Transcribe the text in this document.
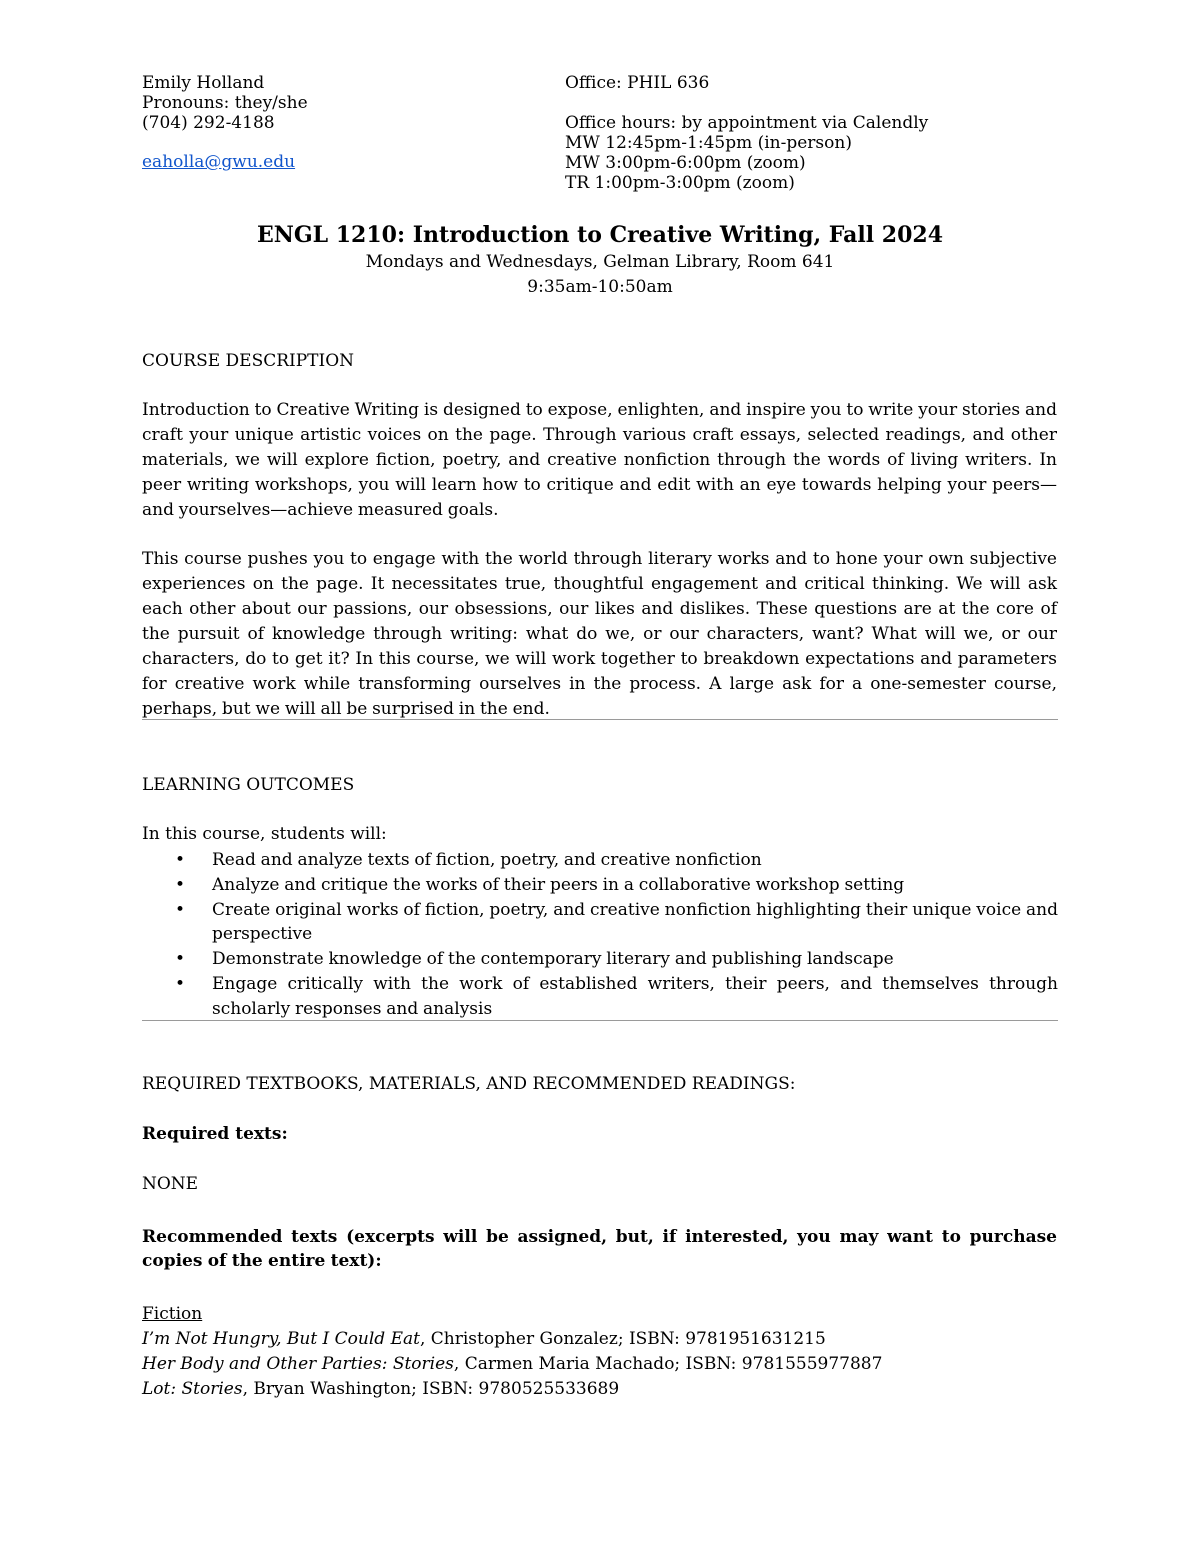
Emily Holland
Pronouns: they/she
(704) 292-4188
eaholla@gwu.edu
Office: PHIL 636
Office hours: by appointment via Calendly
MW 12:45pm-1:45pm (in-person)
MW 3:00pm-6:00pm (zoom)
TR 1:00pm-3:00pm (zoom)
ENGL 1210: Introduction to Creative Writing, Fall 2024
Mondays and Wednesdays, Gelman Library, Room 641
9:35am-10:50am
COURSE DESCRIPTION

Introduction to Creative Writing is designed to expose, enlighten, and inspire you to write your stories and craft your unique artistic voices on the page. Through various craft essays, selected readings, and other materials, we will explore fiction, poetry, and creative nonfiction through the words of living writers. In peer writing workshops, you will learn how to critique and edit with an eye towards helping your peers—and yourselves—achieve measured goals.

This course pushes you to engage with the world through literary works and to hone your own subjective experiences on the page. It necessitates true, thoughtful engagement and critical thinking. We will ask each other about our passions, our obsessions, our likes and dislikes. These questions are at the core of the pursuit of knowledge through writing: what do we, or our characters, want? What will we, or our characters, do to get it? In this course, we will work together to breakdown expectations and parameters for creative work while transforming ourselves in the process. A large ask for a one-semester course, perhaps, but we will all be surprised in the end.

LEARNING OUTCOMES
In this course, students will:
• Read and analyze texts of fiction, poetry, and creative nonfiction
• Analyze and critique the works of their peers in a collaborative workshop setting
• Create original works of fiction, poetry, and creative nonfiction highlighting their unique voice and perspective
• Demonstrate knowledge of the contemporary literary and publishing landscape
• Engage critically with the work of established writers, their peers, and themselves through scholarly responses and analysis
REQUIRED TEXTBOOKS, MATERIALS, AND RECOMMENDED READINGS:
Required texts:
NONE

Recommended texts (excerpts will be assigned, but, if interested, you may want to purchase copies of the entire text):

Fiction
I’m Not Hungry, But I Could Eat, Christopher Gonzalez; ISBN: 9781951631215
Her Body and Other Parties: Stories, Carmen Maria Machado; ISBN: 9781555977887
Lot: Stories, Bryan Washington; ISBN: 9780525533689
